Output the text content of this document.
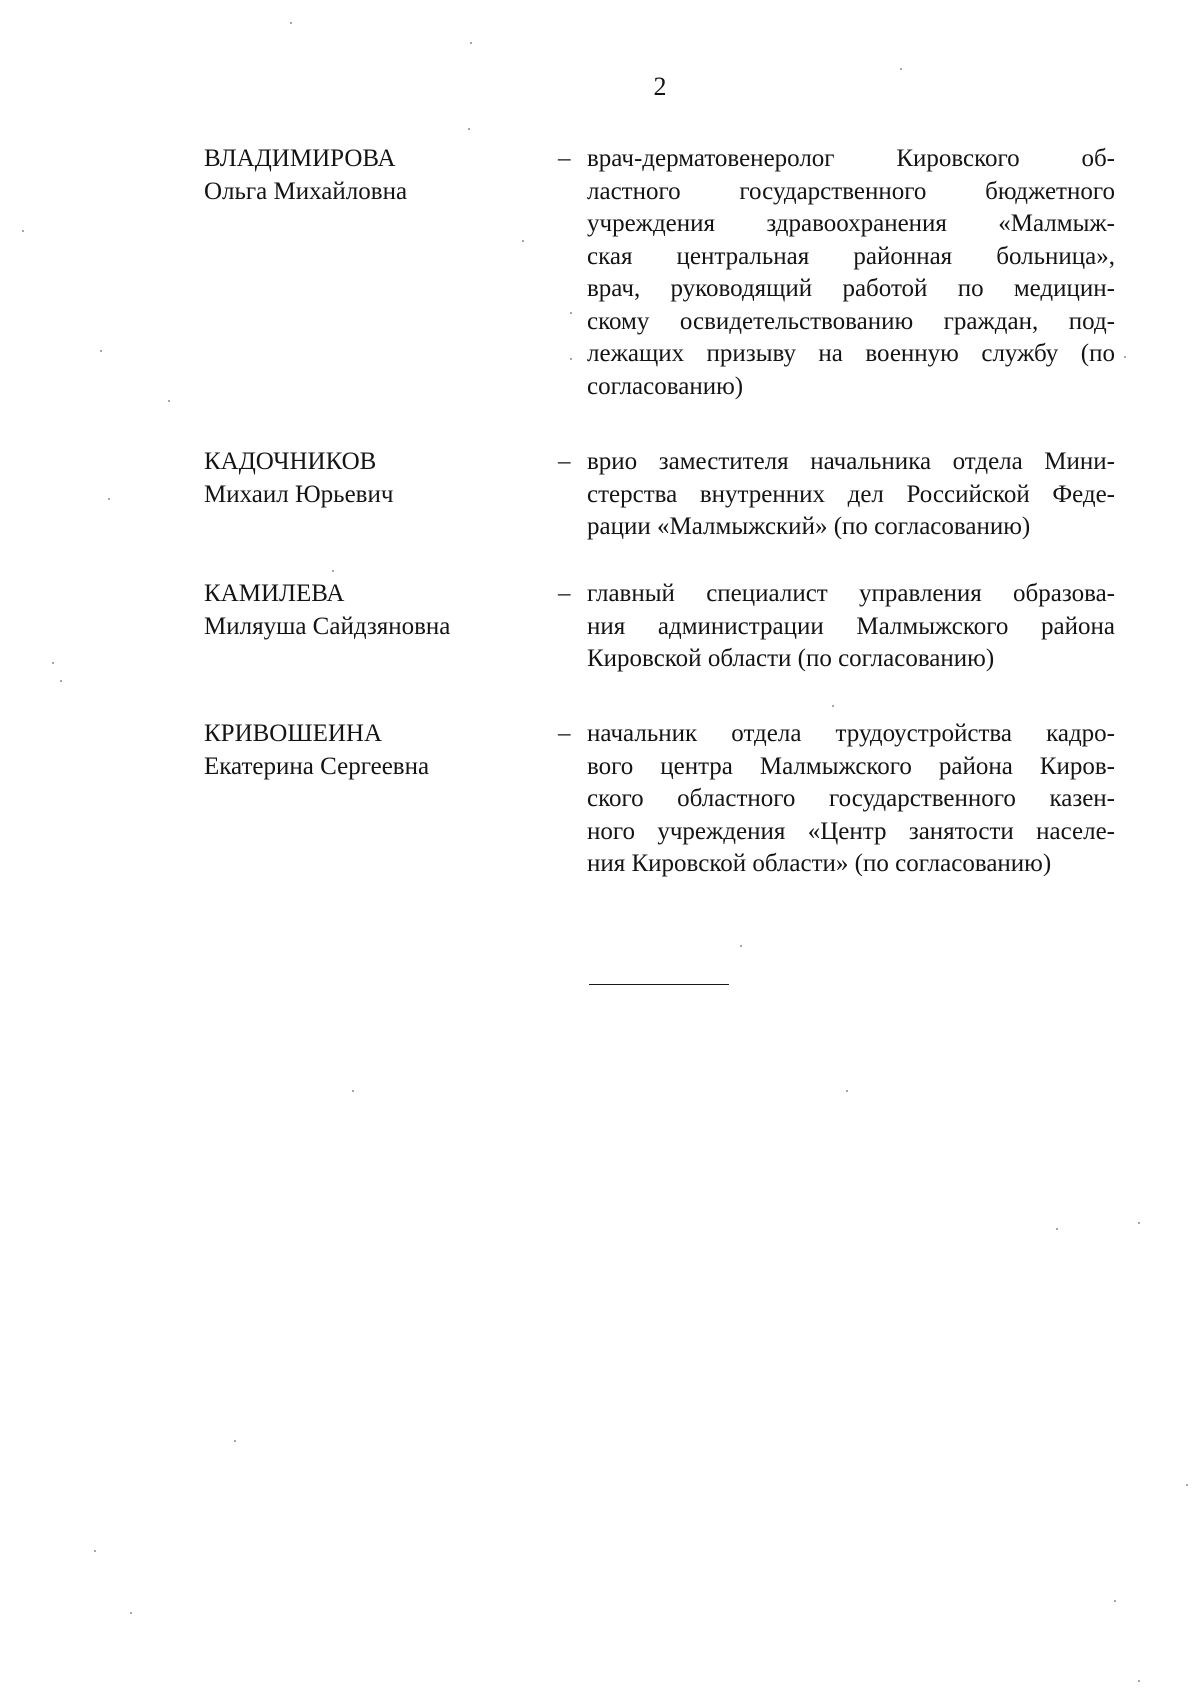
2
ВЛАДИМИРОВА
Ольга Михайловна
– врач-дерматовенеролог Кировского об-
ластного государственного бюджетного
учреждения здравоохранения «Малмыж-
ская центральная районная больница»,
врач, руководящий работой по медицин-
скому освидетельствованию граждан, под-
лежащих призыву на военную службу (по
согласованию)
КАДОЧНИКОВ
Михаил Юрьевич
– врио заместителя начальника отдела Мини-
стерства внутренних дел Российской Феде-
рации «Малмыжский» (по согласованию)
КАМИЛЕВА
Миляуша Сайдзяновна
– главный специалист управления образова-
ния администрации Малмыжского района
Кировской области (по согласованию)
КРИВОШЕИНА
Екатерина Сергеевна
– начальник отдела трудоустройства кадро-
вого центра Малмыжского района Киров-
ского областного государственного казен-
ного учреждения «Центр занятости населе-
ния Кировской области» (по согласованию)
